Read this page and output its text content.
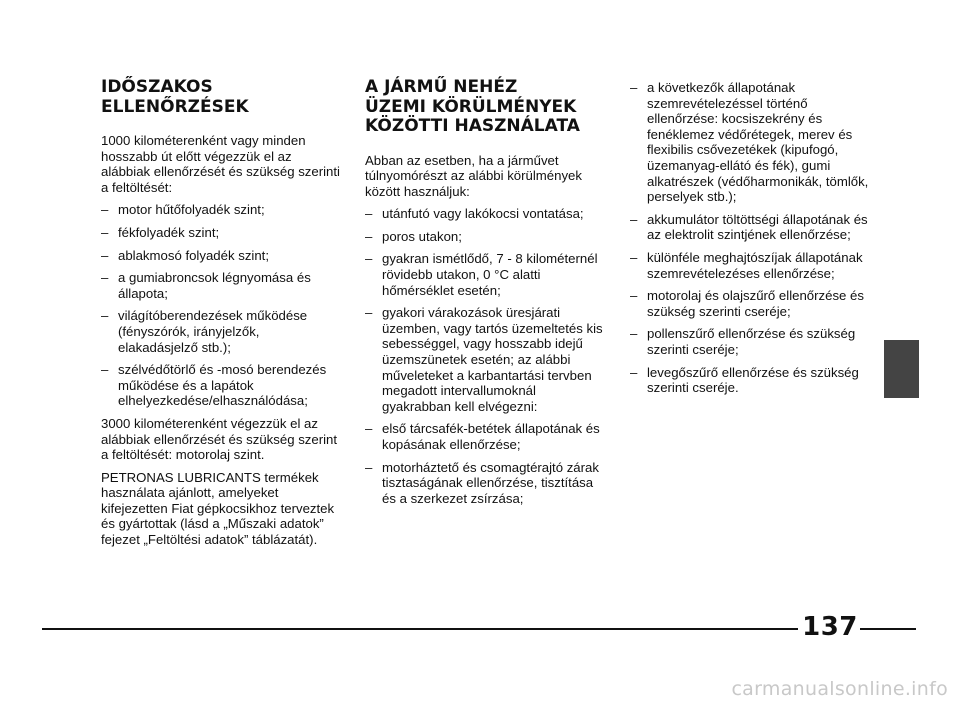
IDŐSZAKOS
ELLENŐRZÉSEK

1000 kilométerenként vagy minden hosszabb út előtt végezzük el az alábbiak ellenőrzését és szükség szerinti a feltöltését:

– motor hűtőfolyadék szint;
– fékfolyadék szint;
– ablakmosó folyadék szint;
– a gumiabroncsok légnyomása és állapota;
– világítóberendezések működése (fényszórók, irányjelzők, elakadásjelző stb.);
– szélvédőtörlő és -mosó berendezés működése és a lapátok elhelyezkedése/elhasználódása;

3000 kilométerenként végezzük el az alábbiak ellenőrzését és szükség szerint a feltöltését: motorolaj szint.

PETRONAS LUBRICANTS termékek használata ajánlott, amelyeket kifejezetten Fiat gépkocsikhoz terveztek és gyártottak (lásd a „Műszaki adatok” fejezet „Feltöltési adatok” táblázatát).

A JÁRMŰ NEHÉZ
ÜZEMI KÖRÜLMÉNYEK
KÖZÖTTI HASZNÁLATA

Abban az esetben, ha a járművet túlnyomórészt az alábbi körülmények között használjuk:

– utánfutó vagy lakókocsi vontatása;
– poros utakon;
– gyakran ismétlődő, 7 - 8 kilométernél rövidebb utakon, 0 °C alatti hőmérséklet esetén;
– gyakori várakozások üresjárati üzemben, vagy tartós üzemeltetés kis sebességgel, vagy hosszabb idejű üzemszünetek esetén; az alábbi műveleteket a karbantartási tervben megadott intervallumoknál gyakrabban kell elvégezni:
– első tárcsafék-betétek állapotának és kopásának ellenőrzése;
– motorháztető és csomagtérajtó zárak tisztaságának ellenőrzése, tisztítása és a szerkezet zsírzása;
– a következők állapotának szemrevételezéssel történő ellenőrzése: kocsiszekrény és fenéklemez védőrétegek, merev és flexibilis csővezetékek (kipufogó, üzemanyag-ellátó és fék), gumi alkatrészek (védőharmonikák, tömlők, perselyek stb.);
– akkumulátor töltöttségi állapotának és az elektrolit szintjének ellenőrzése;
– különféle meghajtószíjak állapotának szemrevételezéses ellenőrzése;
– motorolaj és olajszűrő ellenőrzése és szükség szerinti cseréje;
– pollenszűrő ellenőrzése és szükség szerinti cseréje;
– levegőszűrő ellenőrzése és szükség szerinti cseréje.
137
carmanualsonline.info
